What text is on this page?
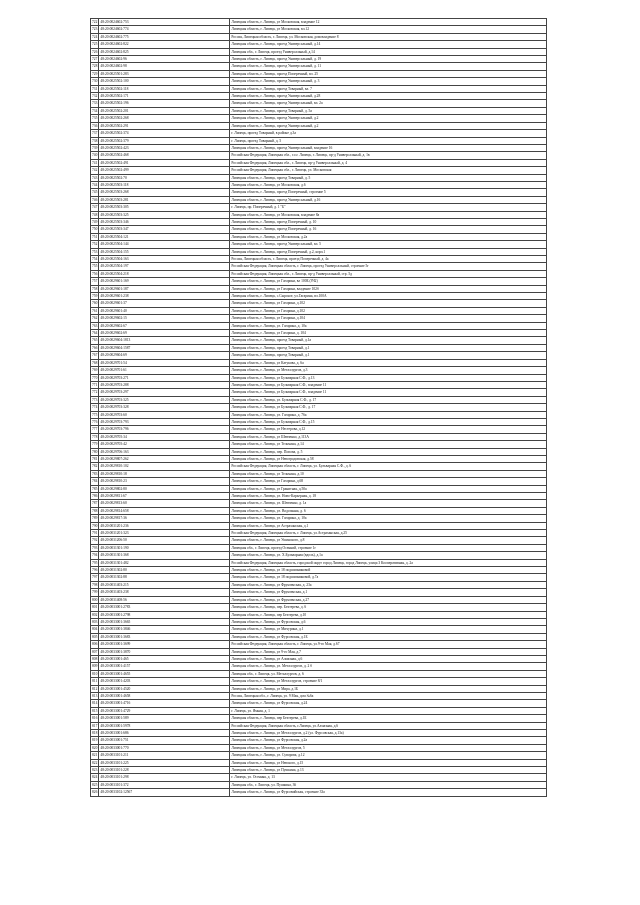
722	48:20:0024602:753	Липецкая область, г. Липецк, ул Московская, владение 12
723	48:20:0024602:774	Липецкая область, г. Липецк, ул Московская, вл.12
724	48:20:0024602:775	Россия, Липецкая область, г. Липецк, ул. Московская, домовладение 8
725	48:20:0024602:822	Липецкая область, г. Липецк, проезд Универсальный, д.14
726	48:20:0024602:825	Липецкая обл., г. Липецк, проезд Универсальный, д.14
727	48:20:0024602:96	Липецкая область, г. Липецк, проезд Универсальный, д. 19
728	48:20:0024602:98	Липецкая область, г. Липецк, проезд Универсальный, д. 11
729	48:20:0025501:283	Липецкая область, г. Липецк, проезд Поперечный, вл. 25
730	48:20:0025502:100	Липецкая область, г. Липецк, проезд Универсальный, д. 3
731	48:20:0025502:118	Липецкая область, г. Липецк, проезд Товарный, вл. 7
732	48:20:0025502:171	Липецкая область, г. Липецк, проезд Универсальный, д.28
733	48:20:0025502:196	Липецкая область, г. Липецк, проезд Универсальный, вл. 2а
734	48:20:0025502:201	Липецкая область, г. Липецк, проезд Товарный, д. 5а
735	48:20:0025502:268	Липецкая область, г. Липецк, проезд Универсальный, д.2
736	48:20:0025502:291	Липецкая область, г. Липецк, проезд Универсальный, д.2
737	48:20:0025502:374	г. Липецк, проезд Товарный, в районе д.3а
738	48:20:0025502:379	г. Липецк, проезд Товарный, д. 5
739	48:20:0025502:423	Липецкая область, г. Липецк, проезд Универсальный, владение 16
740	48:20:0025502:468	Российская Федерация, Липецкая обл., г.о.г. Липецк, г. Липецк, пр-д Универсальный, д. 1в
741	48:20:0025502:491	Российская Федерация, Липецкая обл., г. Липецк, пр-д Универсальный, д. 4
742	48:20:0025502:499	Российская Федерация, Липецкая обл., г. Липецк, ул. Московская
743	48:20:0025502:70	Липецкая область, г. Липецк, проезд Товарный, д. 5
744	48:20:0025503:118	Липецкая область, г. Липецк, ул Московская, д.6
745	48:20:0025503:268	Липецкая область, г. Липецк, проезд Поперечный, строение 5
746	48:20:0025503:281	Липецкая область, г. Липецк, проезд Универсальный, д.16
747	48:20:0025503:305	г. Липецк, пр. Поперечный, д. 1 "Б"
748	48:20:0025503:325	Липецкая область, г. Липецк, ул Московская, владение 8а
749	48:20:0025503:346	Липецкая область, г. Липецк, проезд Поперечный, д. 10
750	48:20:0025503:347	Липецкая область, г. Липецк, проезд Поперечный, д. 16
751	48:20:0025504:121	Липецкая область, г. Липецк, ул Московская, д.2а
752	48:20:0025504:144	Липецкая область, г. Липецк, проезд Универсальный, вл. 5
753	48:20:0025504:155	Липецкая область, г. Липецк, проезд Поперечный, д.2, корп.1
754	48:20:0025504:163	Россия, Липецкая область, г. Липецк, проезд Поперечный, д. 4а
755	48:20:0025504:197	Российская Федерация, Липецкая область, г. Липецк, проезд Универсальный, строение 5г
756	48:20:0025504:218	Российская Федерация, Липецкая обл., г. Липецк, пр-д Универсальный, стр. 5д
757	48:20:0029601:169	Липецкая область, г. Липецк, ул Гагарина, вл 100Б (ЗЧ2)
758	48:20:0029601:187	Липецкая область, г. Липецк, ул Гагарина, владение 102б
759	48:20:0029601:238	Липецкая область, г. Липецк, с.Сырское, ул.Гагарина, вл.100А
760	48:20:0029601:37	Липецкая область, г. Липецк, ул Гагарина, д.102
761	48:20:0029601:40	Липецкая область, г. Липецк, ул Гагарина, д.102
762	48:20:0029602:15	Липецкая область, г. Липецк, ул Гагарина, д.104
763	48:20:0029602:67	Липецкая область, г. Липецк, ул. Гагарина, д. 10а
764	48:20:0029602:69	Липецкая область, г. Липецк, ул Гагарина, д. 104
765	48:20:0029604:1813	Липецкая область, г. Липецк, проезд Товарный, д.1а
766	48:20:0029604:1587	Липецкая область, г. Липецк, проезд Товарный, д.1
767	48:20:0029604:69	Липецкая область, г. Липецк, проезд Товарный, д.1
768	48:20:0029701:54	Липецкая область, г. Липецк, ул Катукова, д. 6а
769	48:20:0029701:61	Липецкая область, г. Липецк, ул Металлургов, д.3
770	48:20:0029703:271	Липецкая область, г. Липецк, ул Бульварная С.Ф., д.13
771	48:20:0029703:288	Липецкая область, г. Липецк, ул Бульварная С.Ф., владение 11
772	48:20:0029703:297	Липецкая область, г. Липецк, ул Бульварная С.Ф., владение 11
773	48:20:0029703:325	Липецкая область, г. Липецк, ул. Бульварная С.Ф., д. 17
774	48:20:0029703:328	Липецкая область, г. Липецк, ул Бульварная С.Ф., д. 17
775	48:20:0029703:60	Липецкая область, г. Липецк, ул. Гагарина, д. 76а
776	48:20:0029703:793	Липецкая область, г. Липецк, ул Бульварная С.Ф., д.15
777	48:20:0029703:796	Липецкая область, г. Липецк, ул Нестерова, д.12
778	48:20:0029705:34	Липецкая область, г. Липецк, ул Шевченко, д.113А
779	48:20:0029705:42	Липецкая область, г. Липецк, ул Тельмана, д.14
780	48:20:0029706:163	Липецкая область, г. Липецк, пер. Попова, д. 5
781	48:20:0029807:262	Липецкая область, г. Липецк, ул Невоградовская, д.58
782	48:20:0029810:102	Российская Федерация, Липецкая область, г. Липецк, ул. Бульварная С.Ф., д. 6
783	48:20:0029810:18	Липецкая область, г. Липецк, ул Тельмана, д.10
784	48:20:0029810:23	Липецкая область, г. Липецк, ул Гагарина, д.68
785	48:20:0029802:80	Липецкая область, г. Липецк, ул Гранитная, д.50а
786	48:20:0029811:67	Липецкая область, г. Липецк, ул. Ново-Карьерная, д. 18
787	48:20:0029813:60	Липецкая область, г. Липецк, ул. Шевченко, д. 1а
788	48:20:0029814:658	Липецкая область, г. Липецк, ул. Водопьяна, д. 6
789	48:20:0029817:36	Липецкая область, г. Липецк, ул. Гагарина, д. 10а
790	48:20:0031201:236	Липецкая область, г. Липецк, ул Астраханская, д.1
791	48:20:0031201:323	Российская Федерация, Липецкая область, г. Липецк, ул.Астраханская, д.25
792	48:20:0031206:50	Липецкая область, г. Липецк, ул Ушинского, д.8
793	48:20:0031301:190	Липецкая обл., г. Липецк, проезд Осенний, строение 1г
794	48:20:0031301:368	Липецкая область, г. Липецк, ул. Х.Бульварная (вдоль), д.1а
795	48:20:0031301:482	Российская Федерация, Липецкая область, городской округ город Липецк, город Липецк, улица 3 Кооперативная, д. 2а
796	48:20:0031302:80	Липецкая область, г. Липецк, ул 18 подшипниковой
797	48:20:0031302:88	Липецкая область, г. Липецк, ул 18 подшипниковой, д.7а
798	48:20:0031403:215	Липецкая область, г. Липецк, ул Фрунзенская, д. 23а
799	48:20:0031403:238	Липецкая область, г. Липецк, ул Фрунзенская, д.1
800	48:20:0031408:56	Липецкая область, г. Липецк, ул Фрунзенская, д.27
801	48:20:0033001:2783	Липецкая область, г. Липецк, пер. Бехтерева, д. 6
802	48:20:0033001:2798	Липецкая область, г. Липецк, пер Бехтерева, д.10
803	48:20:0033001:3665	Липецкая область, г. Липецк, ул Фурсовская, д.6
804	48:20:0033001:3846	Липецкая область, г. Липецк, ул Мичурина, д.1
805	48:20:0033001:3683	Липецкая область, г. Липецк, ул Фурсовская, д.1Б
806	48:20:0033001:3699	Российская Федерация, Липецкая область, г. Липецк, ул.9-го Мая, д.67
807	48:20:0033001:3870	Липецкая область, г. Липецк, ул 9-го Мая, д.7
808	48:20:0033001:465	Липецкая область, г. Липецк, ул Алмазная, д.6
809	48:20:0033001:4157	Липецкая область, г. Липецк, ул. Металлургов, д. 2 б
810	48:20:0033001:4655	Липецкая обл., г. Липецк, ул. Металлургов, д. 6
811	48:20:0033001:4203	Липецкая область, г. Липецк, ул Металлургов, строение 8/1
812	48:20:0033001:4520	Липецкая область, г. Липецк, ул Мира, д.1Б
813	48:20:0033001:4658	Россия, Липецкая обл., г. Липецк, ул. 9 Мая, дом №6а
814	48:20:0033001:4716	Липецкая область, г. Липецк, ул Фурсовская, д.24
815	48:20:0033001:4729	г. Липецк, ул. Ямная, д. 1
816	48:20:0033001:589	Липецкая область, г. Липецк, пер Бехтерева, д.1Б
817	48:20:0033001:5978	Российская Федерация, Липецкая область, г.Липецк, ул.Алмазная, д.6
818	48:20:0033001:686	Липецкая область, г. Липецк, ул Металлургов, д.2 (ул. Фурсовская, д.13а)
819	48:20:0033001:751	Липецкая область, г. Липецк, ул Фурсовская, д.2а
820	48:20:0033001:770	Липецкая область, г. Липецк, ул Металлургов, 5
821	48:20:0033101:211	Липецкая область, г. Липецк, ул. Суворова, д.12
822	48:20:0033101:225	Липецкая область, г. Липецк, ул Невского, д.15
823	48:20:0033101:228	Липецкая область, г. Липецк, ул Пушкина, д.13
824	48:20:0033101:298	г. Липецк, ул. Осенняя, д. 13
825	48:20:0033101:372	Липецкая обл., г. Липецк, ул. Пушкина, 36
826	48:20:0033102:12567	Липецкая область, г. Липецк, ул Фурсовийская, строение 33а
